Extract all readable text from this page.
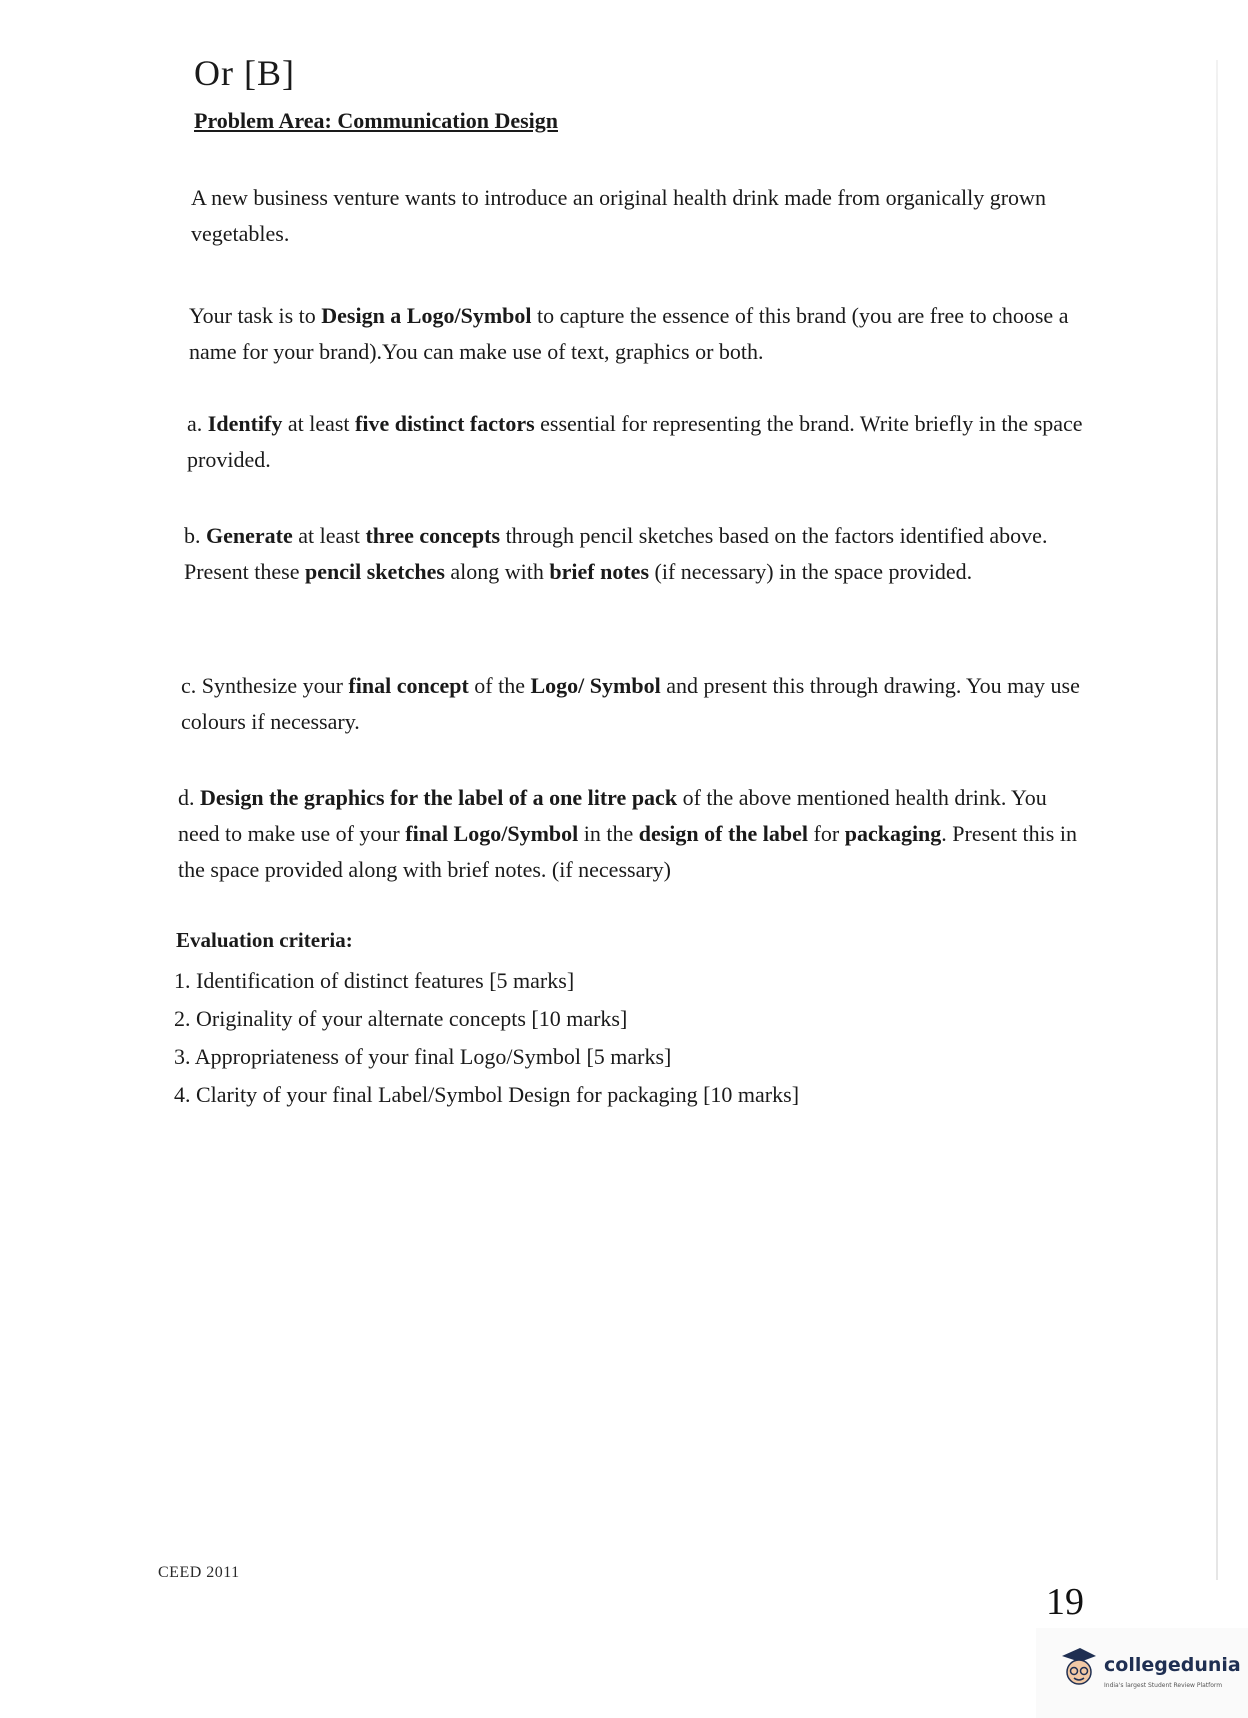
Or [B]
Problem Area: Communication Design
A new business venture wants to introduce an original health drink made from organically grown vegetables.
Your task is to Design a Logo/Symbol to capture the essence of this brand (you are free to choose a name for your brand).You can make use of text, graphics or both.
a. Identify at least five distinct factors essential for representing the brand. Write briefly in the space provided.
b. Generate at least three concepts through pencil sketches based on the factors identified above. Present these pencil sketches along with brief notes (if necessary) in the space provided.
c. Synthesize your final concept of the Logo/ Symbol and present this through drawing. You may use colours if necessary.
d. Design the graphics for the label of a one litre pack of the above mentioned health drink. You need to make use of your final Logo/Symbol in the design of the label for packaging. Present this in the space provided along with brief notes. (if necessary)
Evaluation criteria:
1. Identification of distinct features [5 marks]
2. Originality of your alternate concepts [10 marks]
3. Appropriateness of your final Logo/Symbol [5 marks]
4. Clarity of your final Label/Symbol Design for packaging [10 marks]
CEED 2011
19
collegedunia
India's largest Student Review Platform
